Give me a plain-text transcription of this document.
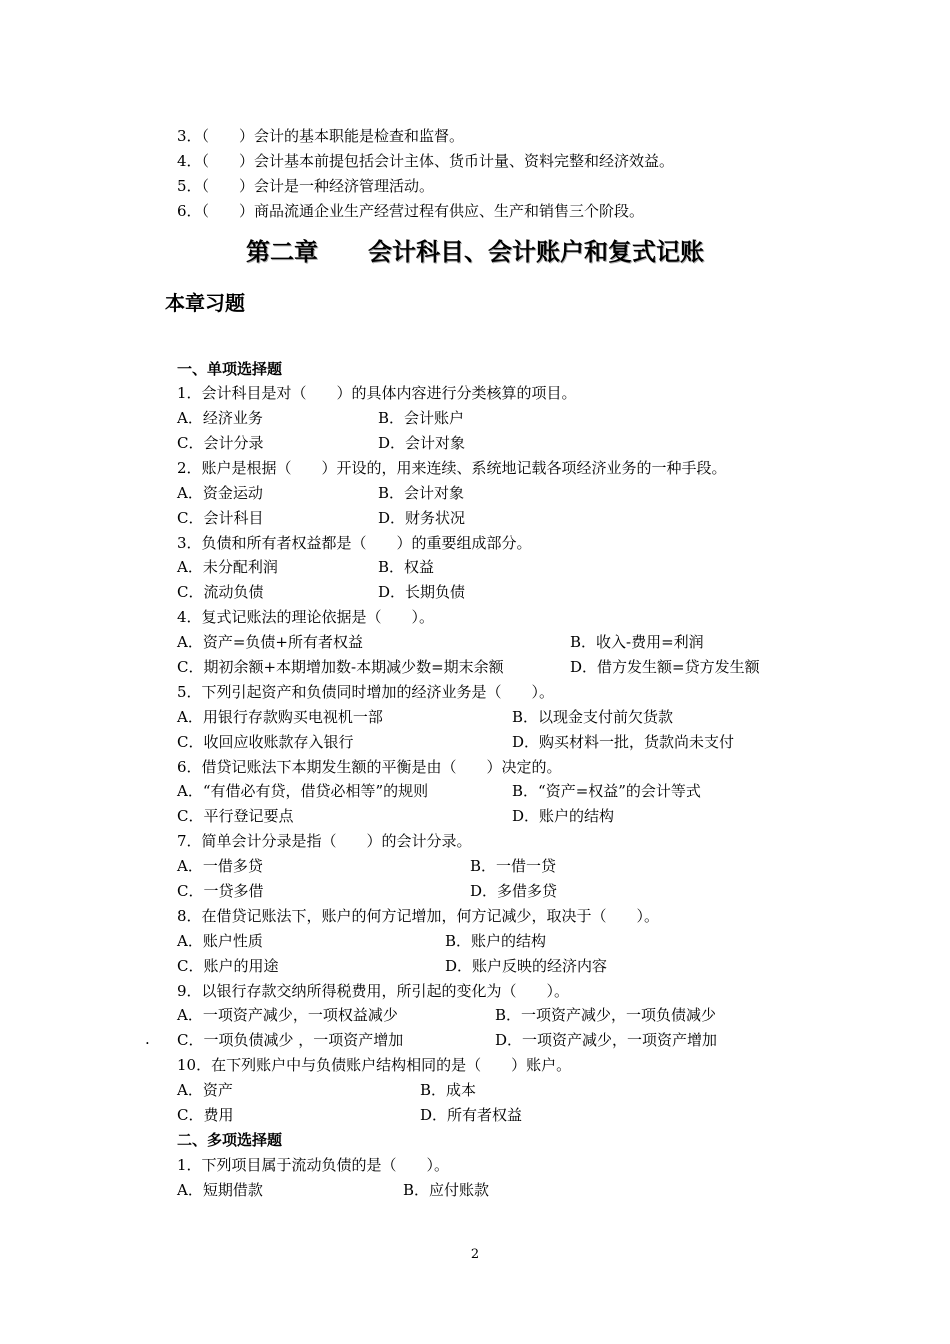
3．（　　）会计的基本职能是检查和监督。
4．（　　）会计基本前提包括会计主体、货币计量、资料完整和经济效益。
5．（　　）会计是一种经济管理活动。
6．（　　）商品流通企业生产经营过程有供应、生产和销售三个阶段。
第二章 会计科目、会计账户和复式记账
本章习题
一、单项选择题
1．会计科目是对（　　）的具体内容进行分类核算的项目。
A．经济业务	B．会计账户
C．会计分录	D．会计对象
2．账户是根据（　　）开设的，用来连续、系统地记载各项经济业务的一种手段。
A．资金运动	B．会计对象
C．会计科目	D．财务状况
3．负债和所有者权益都是（　　）的重要组成部分。
A．未分配利润	B．权益
C．流动负债	D．长期负债
4．复式记账法的理论依据是（　　）。
A．资产=负债+所有者权益	B．收入-费用=利润
C．期初余额+本期增加数-本期减少数=期末余额	D．借方发生额=贷方发生额
5．下列引起资产和负债同时增加的经济业务是（　　）。
A．用银行存款购买电视机一部	B．以现金支付前欠货款
C．收回应收账款存入银行	D．购买材料一批，货款尚未支付
6．借贷记账法下本期发生额的平衡是由（　　）决定的。
A．“有借必有贷，借贷必相等”的规则	B．“资产=权益”的会计等式
C．平行登记要点	D．账户的结构
7．简单会计分录是指（　　）的会计分录。
A．一借多贷	B．一借一贷
C．一贷多借	D．多借多贷
8．在借贷记账法下，账户的何方记增加，何方记减少，取决于（　　）。
A．账户性质	B．账户的结构
C．账户的用途	D．账户反映的经济内容
9．以银行存款交纳所得税费用，所引起的变化为（　　）。
A．一项资产减少，一项权益减少	B．一项资产减少，一项负债减少
. C．一项负债减少 ，一项资产增加	D．一项资产减少，一项资产增加
10．在下列账户中与负债账户结构相同的是（　　）账户。
A．资产	B．成本
C．费用	D．所有者权益
二、多项选择题
1．下列项目属于流动负债的是（　　）。
A．短期借款	B．应付账款
2
